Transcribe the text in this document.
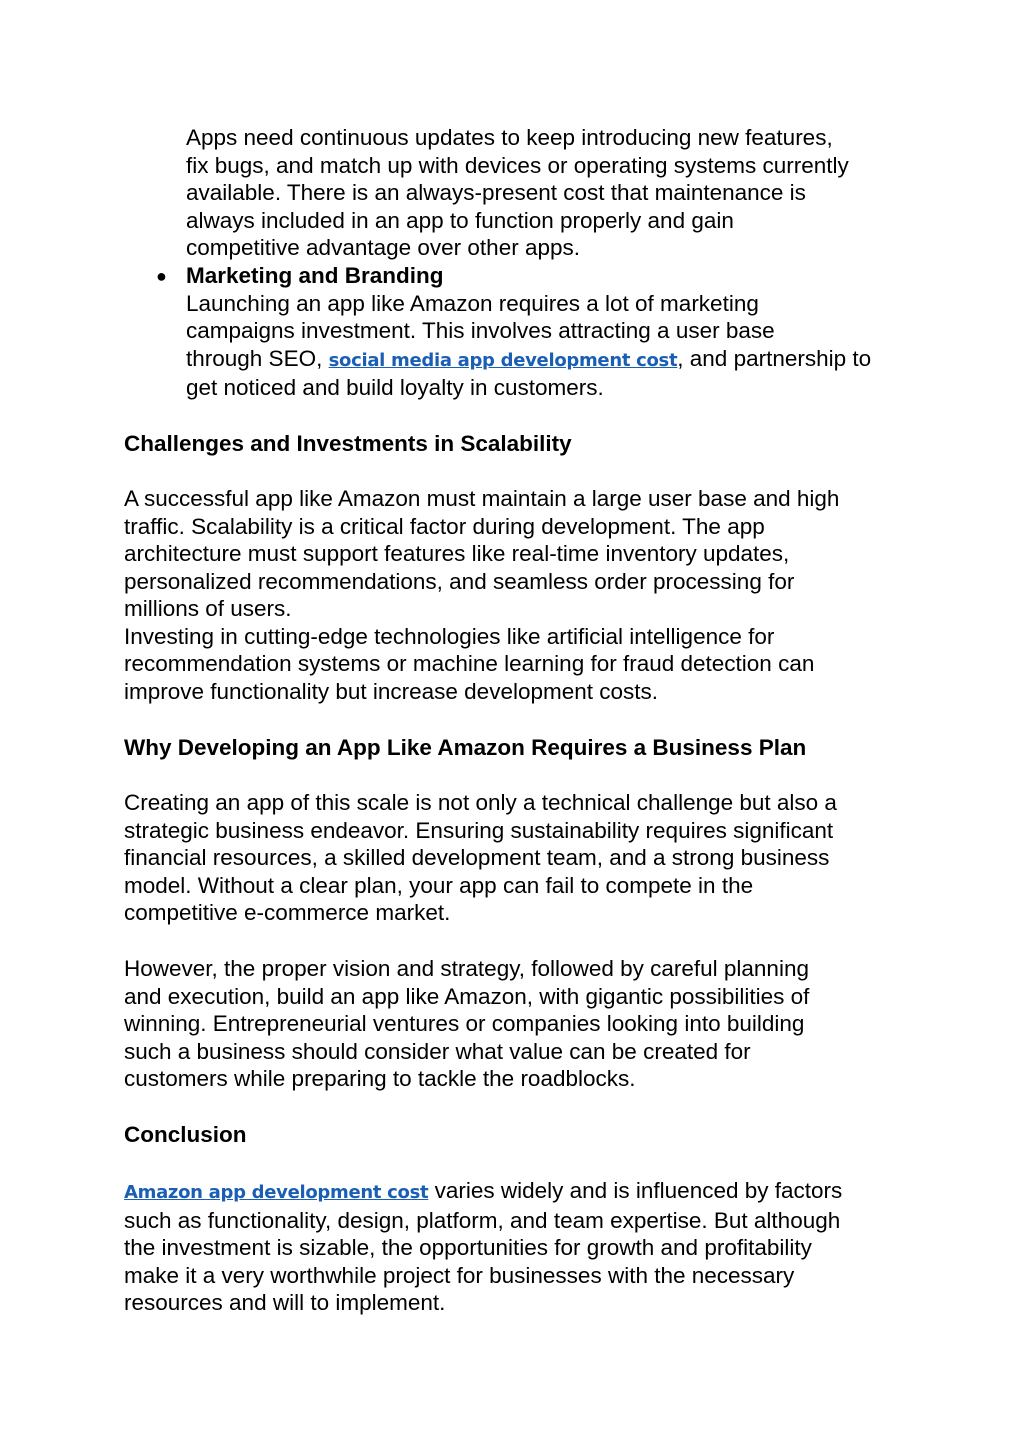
Apps need continuous updates to keep introducing new features,
fix bugs, and match up with devices or operating systems currently
available. There is an always-present cost that maintenance is
always included in an app to function properly and gain
competitive advantage over other apps.
● Marketing and Branding
Launching an app like Amazon requires a lot of marketing
campaigns investment. This involves attracting a user base
through SEO, social media app development cost, and partnership to
get noticed and build loyalty in customers.
Challenges and Investments in Scalability
A successful app like Amazon must maintain a large user base and high
traffic. Scalability is a critical factor during development. The app
architecture must support features like real-time inventory updates,
personalized recommendations, and seamless order processing for
millions of users.
Investing in cutting-edge technologies like artificial intelligence for
recommendation systems or machine learning for fraud detection can
improve functionality but increase development costs.
Why Developing an App Like Amazon Requires a Business Plan
Creating an app of this scale is not only a technical challenge but also a
strategic business endeavor. Ensuring sustainability requires significant
financial resources, a skilled development team, and a strong business
model. Without a clear plan, your app can fail to compete in the
competitive e-commerce market.
However, the proper vision and strategy, followed by careful planning
and execution, build an app like Amazon, with gigantic possibilities of
winning. Entrepreneurial ventures or companies looking into building
such a business should consider what value can be created for
customers while preparing to tackle the roadblocks.
Conclusion
Amazon app development cost varies widely and is influenced by factors
such as functionality, design, platform, and team expertise. But although
the investment is sizable, the opportunities for growth and profitability
make it a very worthwhile project for businesses with the necessary
resources and will to implement.
